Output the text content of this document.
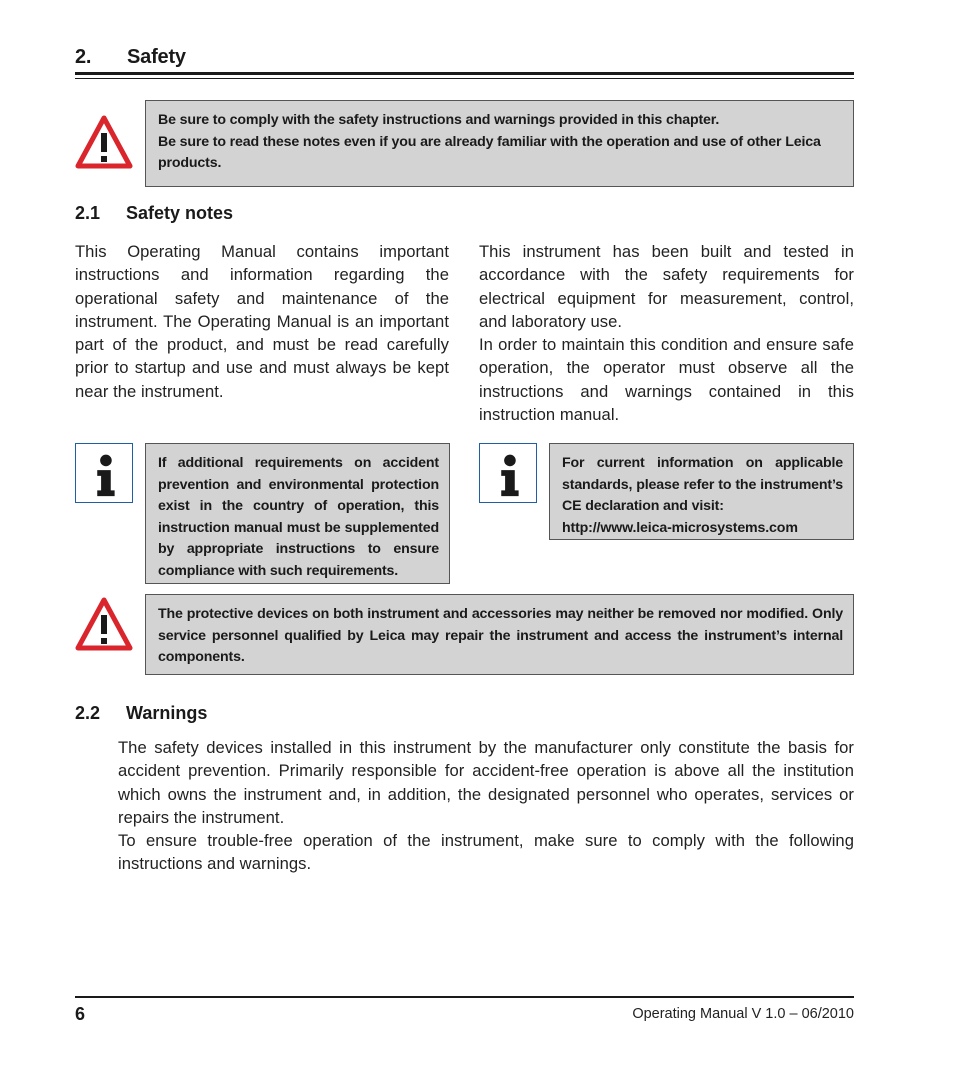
2. Safety
Be sure to comply with the safety instructions and warnings provided in this chapter.
Be sure to read these notes even if you are already familiar with the operation and use of other Leica products.
2.1 Safety notes
This Operating Manual contains important instructions and information regarding the operational safety and maintenance of the instrument. The Operating Manual is an important part of the product, and must be read carefully prior to startup and use and must always be kept near the instrument.
This instrument has been built and tested in accordance with the safety requirements for electrical equipment for measurement, control, and laboratory use.
In order to maintain this condition and ensure safe operation, the operator must observe all the instructions and warnings contained in this instruction manual.
If additional requirements on accident prevention and environmental protection exist in the country of operation, this instruction manual must be supplemented by appropriate instructions to ensure compliance with such requirements.
For current information on applicable standards, please refer to the instrument’s CE declaration and visit:
http://www.leica-microsystems.com
The protective devices on both instrument and accessories may neither be removed nor modified. Only service personnel qualified by Leica may repair the instrument and access the instrument’s internal components.
2.2 Warnings
The safety devices installed in this instrument by the manufacturer only constitute the basis for accident prevention. Primarily responsible for accident-free operation is above all the institution which owns the instrument and, in addition, the designated personnel who operates, services or repairs the instrument.
To ensure trouble-free operation of the instrument, make sure to comply with the following instructions and warnings.
6	Operating Manual V 1.0 – 06/2010
